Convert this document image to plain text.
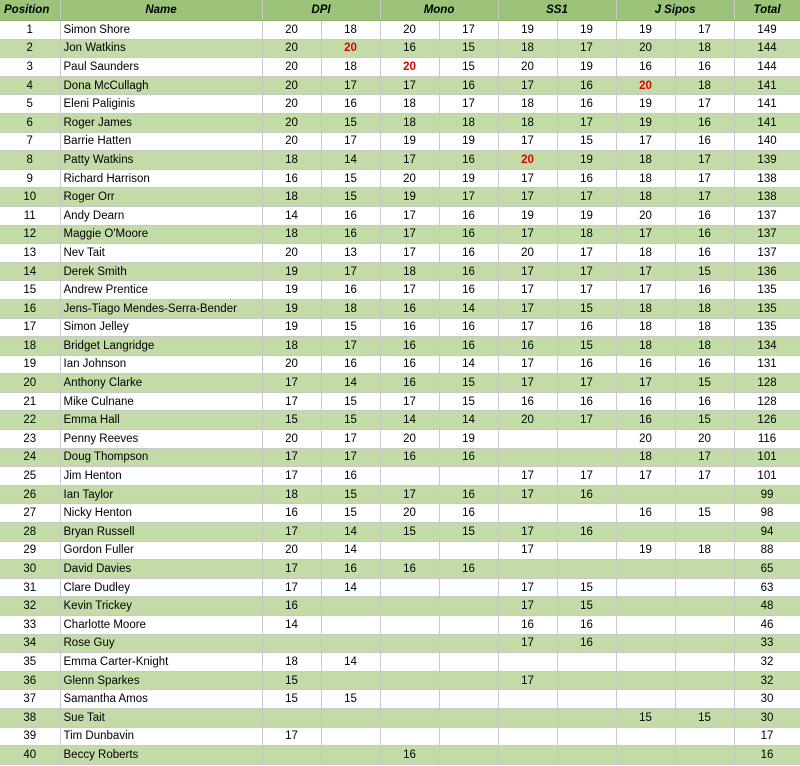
Position	Name	DPI		Mono		SS1		J Sipos		Total
1	Simon Shore	20	18	20	17	19	19	19	17	149
2	Jon Watkins	20	20	16	15	18	17	20	18	144
3	Paul Saunders	20	18	20	15	20	19	16	16	144
4	Dona McCullagh	20	17	17	16	17	16	20	18	141
5	Eleni Paliginis	20	16	18	17	18	16	19	17	141
6	Roger James	20	15	18	18	18	17	19	16	141
7	Barrie Hatten	20	17	19	19	17	15	17	16	140
8	Patty Watkins	18	14	17	16	20	19	18	17	139
9	Richard Harrison	16	15	20	19	17	16	18	17	138
10	Roger Orr	18	15	19	17	17	17	18	17	138
11	Andy Dearn	14	16	17	16	19	19	20	16	137
12	Maggie O'Moore	18	16	17	16	17	18	17	16	137
13	Nev Tait	20	13	17	16	20	17	18	16	137
14	Derek Smith	19	17	18	16	17	17	17	15	136
15	Andrew Prentice	19	16	17	16	17	17	17	16	135
16	Jens-Tiago Mendes-Serra-Bender	19	18	16	14	17	15	18	18	135
17	Simon Jelley	19	15	16	16	17	16	18	18	135
18	Bridget Langridge	18	17	16	16	16	15	18	18	134
19	Ian Johnson	20	16	16	14	17	16	16	16	131
20	Anthony Clarke	17	14	16	15	17	17	17	15	128
21	Mike Culnane	17	15	17	15	16	16	16	16	128
22	Emma Hall	15	15	14	14	20	17	16	15	126
23	Penny Reeves	20	17	20	19			20	20	116
24	Doug Thompson	17	17	16	16			18	17	101
25	Jim Henton	17	16			17	17	17	17	101
26	Ian Taylor	18	15	17	16	17	16			99
27	Nicky Henton	16	15	20	16			16	15	98
28	Bryan Russell	17	14	15	15	17	16			94
29	Gordon Fuller	20	14			17		19	18	88
30	David Davies	17	16	16	16					65
31	Clare Dudley	17	14			17	15			63
32	Kevin Trickey	16				17	15			48
33	Charlotte Moore	14				16	16			46
34	Rose Guy					17	16			33
35	Emma Carter-Knight	18	14							32
36	Glenn Sparkes	15				17				32
37	Samantha Amos	15	15							30
38	Sue Tait							15	15	30
39	Tim Dunbavin	17								17
40	Beccy Roberts			16						16
